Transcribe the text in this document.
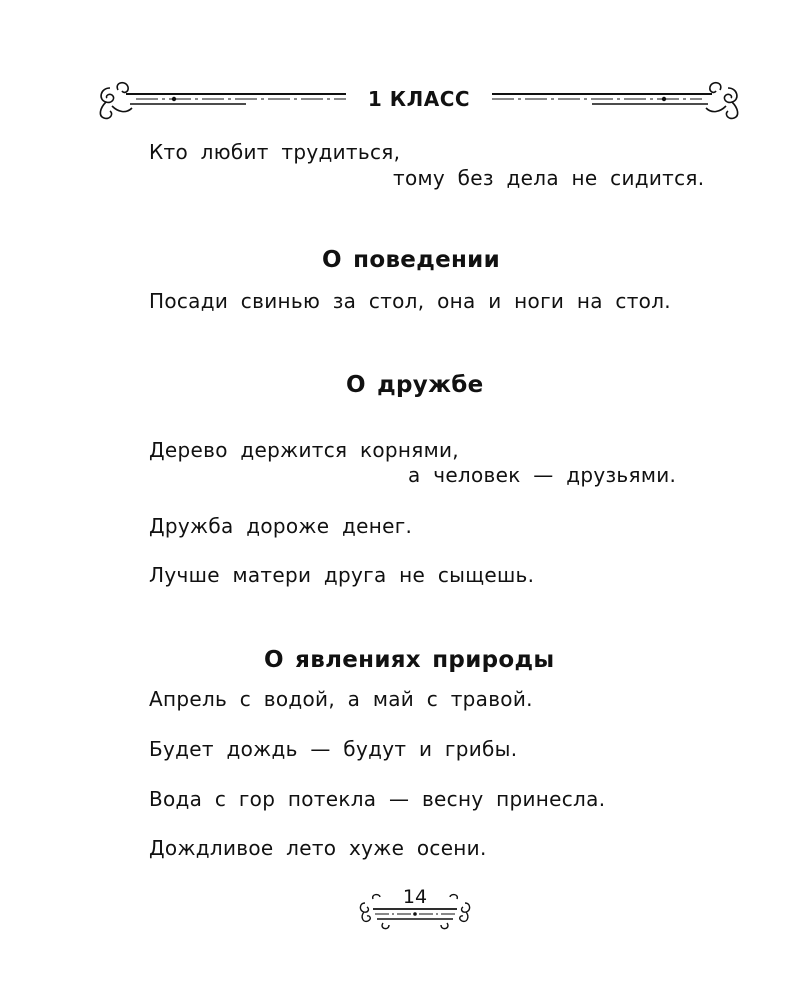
1 КЛАСС
Кто любит трудиться,
тому без дела не сидится.
О поведении
Посади свинью за стол, она и ноги на стол.
О дружбе
Дерево держится корнями,
а человек — друзьями.
Дружба дороже денег.
Лучше матери друга не сыщешь.
О явлениях природы
Апрель с водой, а май с травой.
Будет дождь — будут и грибы.
Вода с гор потекла — весну принесла.
Дождливое лето хуже осени.
14
